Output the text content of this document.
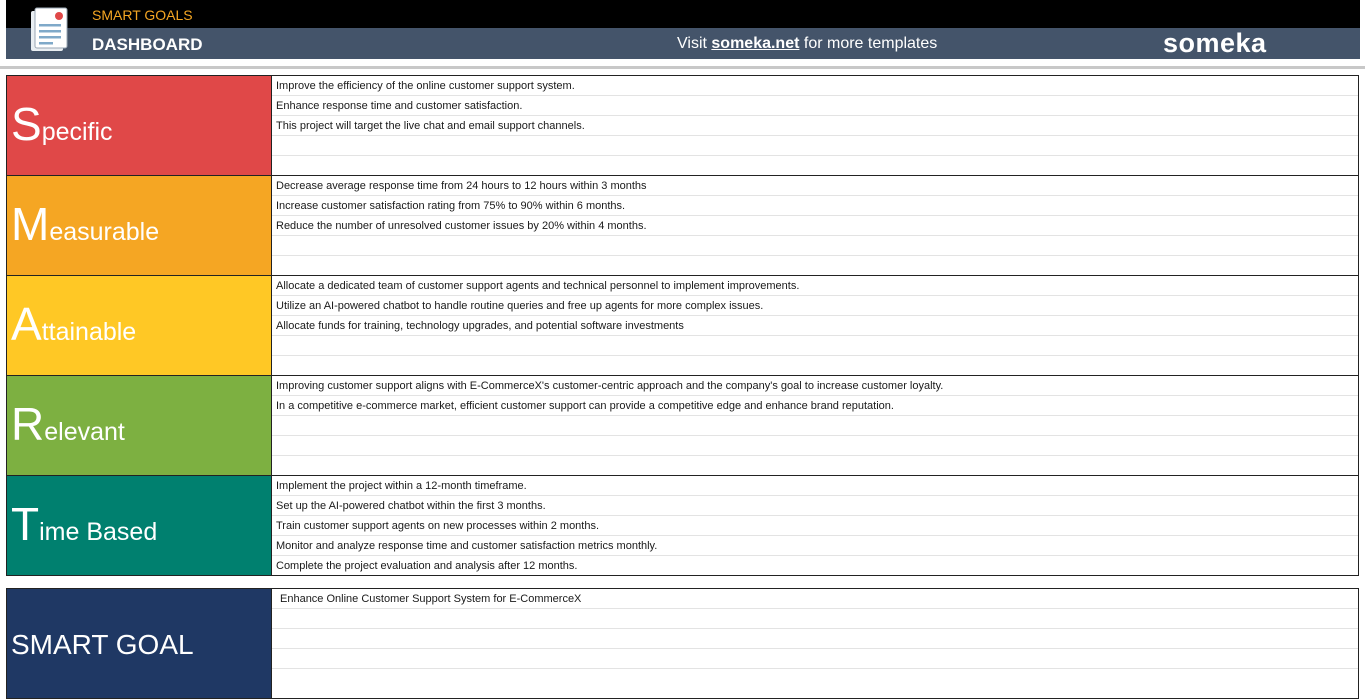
SMART GOALS
DASHBOARD	Visit someka.net for more templates	someka
Specific
Improve the efficiency of the online customer support system.
Enhance response time and customer satisfaction.
This project will target the live chat and email support channels.
Measurable
Decrease average response time from 24 hours to 12 hours within 3 months
Increase customer satisfaction rating from 75% to 90% within 6 months.
Reduce the number of unresolved customer issues by 20% within 4 months.
Attainable
Allocate a dedicated team of customer support agents and technical personnel to implement improvements.
Utilize an AI-powered chatbot to handle routine queries and free up agents for more complex issues.
Allocate funds for training, technology upgrades, and potential software investments
Relevant
Improving customer support aligns with E-CommerceX's customer-centric approach and the company's goal to increase customer loyalty.
In a competitive e-commerce market, efficient customer support can provide a competitive edge and enhance brand reputation.
Time Based
Implement the project within a 12-month timeframe.
Set up the AI-powered chatbot within the first 3 months.
Train customer support agents on new processes within 2 months.
Monitor and analyze response time and customer satisfaction metrics monthly.
Complete the project evaluation and analysis after 12 months.
SMART GOAL
Enhance Online Customer Support System for E-CommerceX
